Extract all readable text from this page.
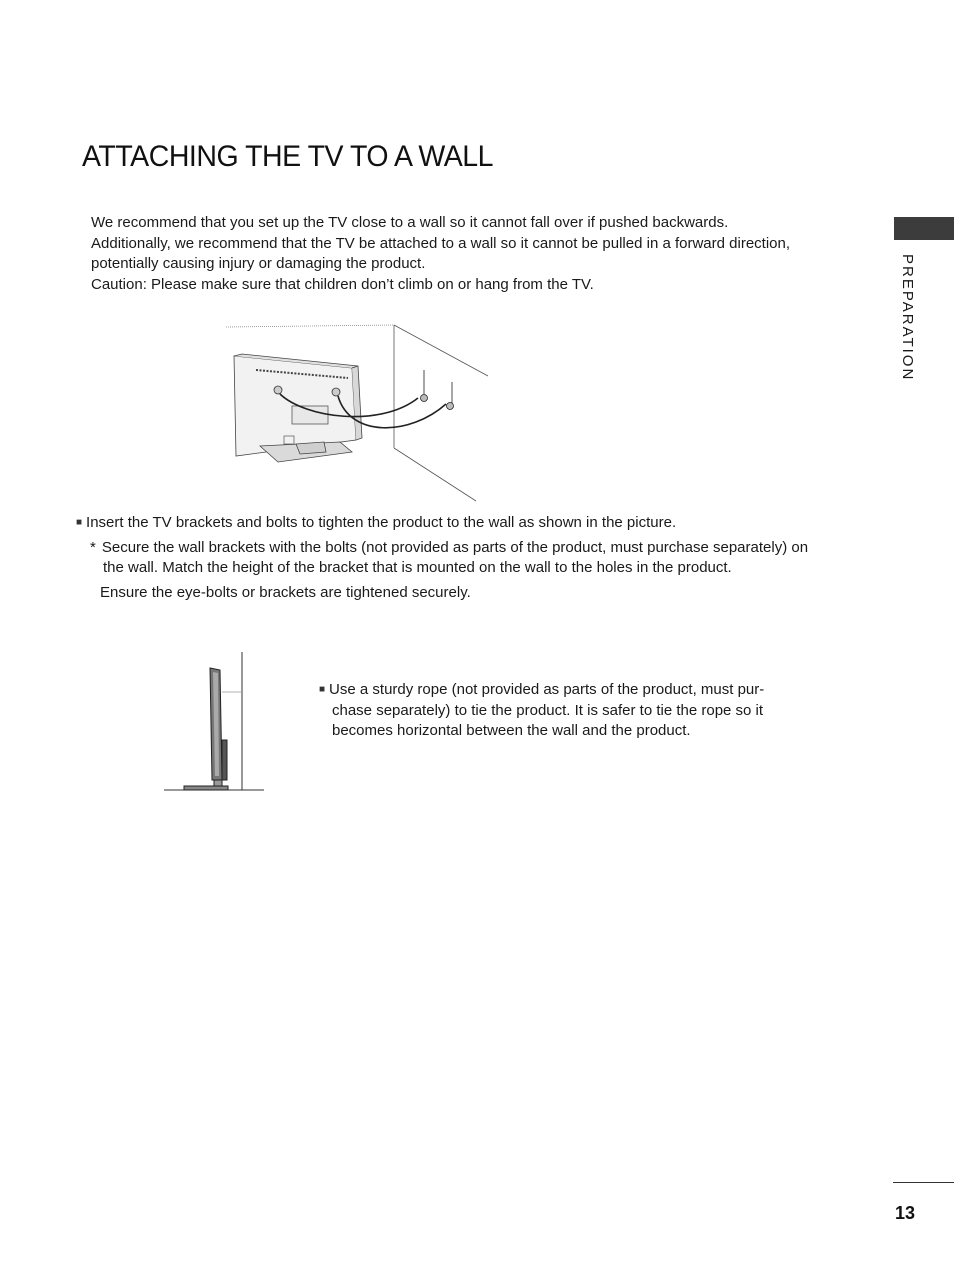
ATTACHING THE TV TO A WALL

We recommend that you set up the TV close to a wall so it cannot fall over if pushed backwards.

Additionally, we recommend that the TV be attached to a wall so it cannot be pulled in a forward direction,

potentially causing injury or damaging the product.

Caution: Please make sure that children don’t climb on or hang from the TV.	PREPARATION

■ Insert the TV brackets and bolts to tighten the product to the wall as shown in the picture.

* Secure the wall brackets with the bolts (not provided as parts of the product, must purchase separately) on

the wall. Match the height of the bracket that is mounted on the wall to the holes in the product.

Ensure the eye-bolts or brackets are tightened securely.

■ Use a sturdy rope (not provided as parts of the product, must pur-

chase separately) to tie the product. It is safer to tie the rope so it

becomes horizontal between the wall and the product.

13
